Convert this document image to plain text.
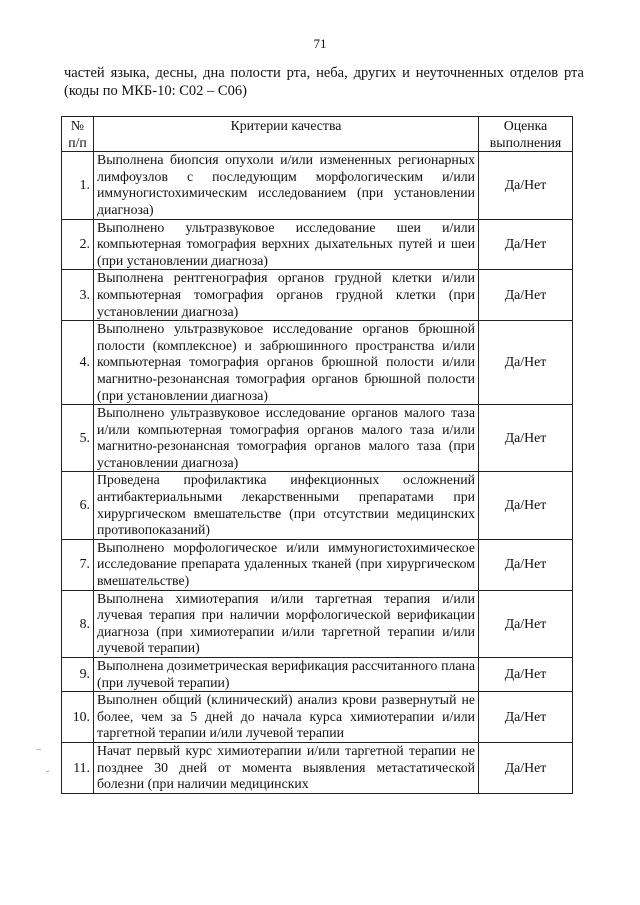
71
частей языка, десны, дна полости рта, неба, других и неуточненных отделов рта (коды по МКБ-10: С02 – С06)
№ п/п	Критерии качества	Оценка выполнения
1.	Выполнена биопсия опухоли и/или измененных регионарных лимфоузлов с последующим морфологическим и/или иммуногистохимическим исследованием (при установлении диагноза)	Да/Нет
2.	Выполнено ультразвуковое исследование шеи и/или компьютерная томография верхних дыхательных путей и шеи (при установлении диагноза)	Да/Нет
3.	Выполнена рентгенография органов грудной клетки и/или компьютерная томография органов грудной клетки (при установлении диагноза)	Да/Нет
4.	Выполнено ультразвуковое исследование органов брюшной полости (комплексное) и забрюшинного пространства и/или компьютерная томография органов брюшной полости и/или магнитно-резонансная томография органов брюшной полости (при установлении диагноза)	Да/Нет
5.	Выполнено ультразвуковое исследование органов малого таза и/или компьютерная томография органов малого таза и/или магнитно-резонансная томография органов малого таза (при установлении диагноза)	Да/Нет
6.	Проведена профилактика инфекционных осложнений антибактериальными лекарственными препаратами при хирургическом вмешательстве (при отсутствии медицинских противопоказаний)	Да/Нет
7.	Выполнено морфологическое и/или иммуногистохимическое исследование препарата удаленных тканей (при хирургическом вмешательстве)	Да/Нет
8.	Выполнена химиотерапия и/или таргетная терапия и/или лучевая терапия при наличии морфологической верификации диагноза (при химиотерапии и/или таргетной терапии и/или лучевой терапии)	Да/Нет
9.	Выполнена дозиметрическая верификация рассчитанного плана (при лучевой терапии)	Да/Нет
10.	Выполнен общий (клинический) анализ крови развернутый не более, чем за 5 дней до начала курса химиотерапии и/или таргетной терапии и/или лучевой терапии	Да/Нет
11.	Начат первый курс химиотерапии и/или таргетной терапии не позднее 30 дней от момента выявления метастатической болезни (при наличии медицинских	Да/Нет
–
-
